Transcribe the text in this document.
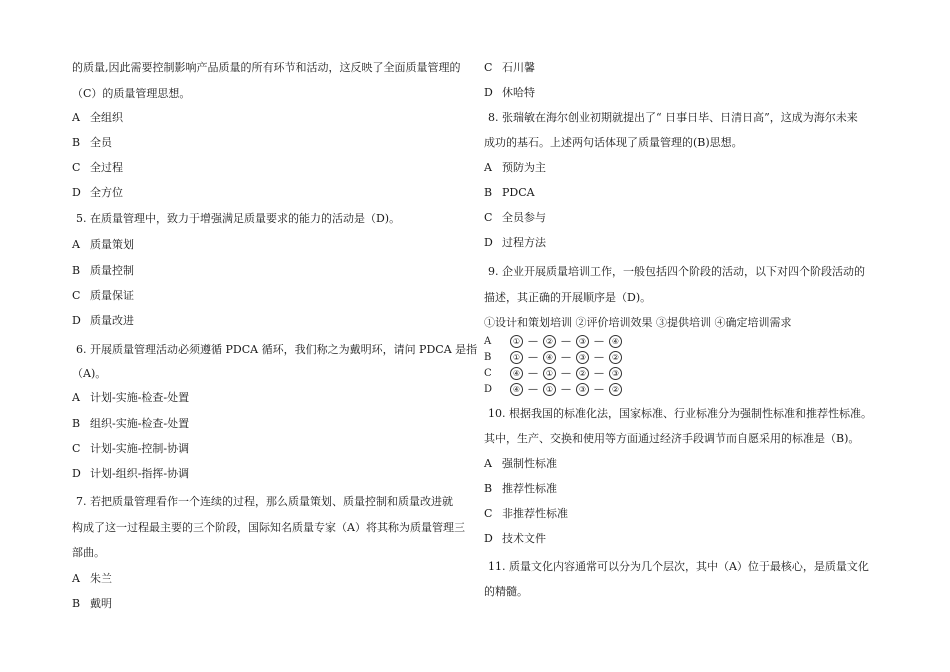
的质量,因此需要控制影响产品质量的所有环节和活动，这反映了全面质量管理的

（C）的质量管理思想。

A 全组织

B 全员

C 全过程

D 全方位

5. 在质量管理中，致力于增强满足质量要求的能力的活动是（D)。

A 质量策划

B 质量控制

C 质量保证

D 质量改进

6. 开展质量管理活动必须遵循 PDCA 循环，我们称之为戴明环，请问 PDCA 是指

（A)。

A 计划-实施-检查-处置

B 组织-实施-检查-处置

C 计划-实施-控制-协调

D 计划-组织-指挥-协调

7. 若把质量管理看作一个连续的过程，那么质量策划、质量控制和质量改进就

构成了这一过程最主要的三个阶段，国际知名质量专家（A）将其称为质量管理三

部曲。

A 朱兰

B 戴明

C 石川馨

D 休哈特

8. 张瑞敏在海尔创业初期就提出了“ 日事日毕、日清日高”，这成为海尔未来

成功的基石。上述两句话体现了质量管理的(B)思想。

A 预防为主

B PDCA

C 全员参与

D 过程方法

9. 企业开展质量培训工作，一般包括四个阶段的活动，以下对四个阶段活动的

描述，其正确的开展顺序是（D)。

①设计和策划培训 ②评价培训效果 ③提供培训 ④确定培训需求

A	① — ② — ③ — ④

B	① — ④ — ③ — ②

C	④ — ① — ② — ③

D	④ — ① — ③ — ②

10. 根据我国的标准化法，国家标准、行业标准分为强制性标准和推荐性标准。

其中，生产、交换和使用等方面通过经济手段调节而自愿采用的标准是（B)。

A 强制性标准

B 推荐性标准

C 非推荐性标准

D 技术文件

11. 质量文化内容通常可以分为几个层次，其中（A）位于最核心，是质量文化

的精髓。
